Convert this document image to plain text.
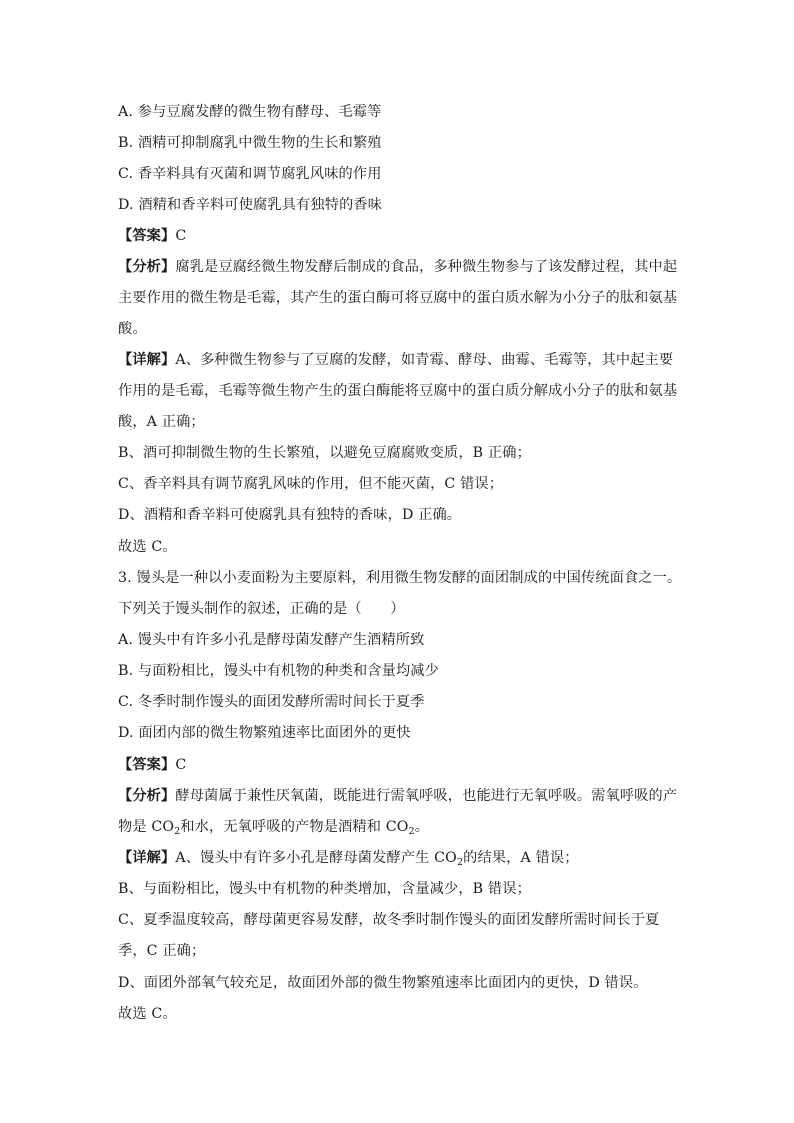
A. 参与豆腐发酵的微生物有酵母、毛霉等
B. 酒精可抑制腐乳中微生物的生长和繁殖
C. 香辛料具有灭菌和调节腐乳风味的作用
D. 酒精和香辛料可使腐乳具有独特的香味
【答案】C
【分析】腐乳是豆腐经微生物发酵后制成的食品，多种微生物参与了该发酵过程，其中起
主要作用的微生物是毛霉，其产生的蛋白酶可将豆腐中的蛋白质水解为小分子的肽和氨基
酸。
【详解】A、多种微生物参与了豆腐的发酵，如青霉、酵母、曲霉、毛霉等，其中起主要
作用的是毛霉，毛霉等微生物产生的蛋白酶能将豆腐中的蛋白质分解成小分子的肽和氨基
酸，A 正确；
B、酒可抑制微生物的生长繁殖，以避免豆腐腐败变质，B 正确；
C、香辛料具有调节腐乳风味的作用，但不能灭菌，C 错误；
D、酒精和香辛料可使腐乳具有独特的香味，D 正确。
故选 C。
3. 馒头是一种以小麦面粉为主要原料，利用微生物发酵的面团制成的中国传统面食之一。
下列关于馒头制作的叙述，正确的是（　　）
A. 馒头中有许多小孔是酵母菌发酵产生酒精所致
B. 与面粉相比，馒头中有机物的种类和含量均减少
C. 冬季时制作馒头的面团发酵所需时间长于夏季
D. 面团内部的微生物繁殖速率比面团外的更快
【答案】C
【分析】酵母菌属于兼性厌氧菌，既能进行需氧呼吸，也能进行无氧呼吸。需氧呼吸的产
物是 $CO_2$和水，无氧呼吸的产物是酒精和 $CO_2$。
【详解】A、馒头中有许多小孔是酵母菌发酵产生 $CO_2$的结果，A 错误；
B、与面粉相比，馒头中有机物的种类增加，含量减少，B 错误；
C、夏季温度较高，酵母菌更容易发酵，故冬季时制作馒头的面团发酵所需时间长于夏
季，C 正确；
D、面团外部氧气较充足，故面团外部的微生物繁殖速率比面团内的更快，D 错误。
故选 C。
